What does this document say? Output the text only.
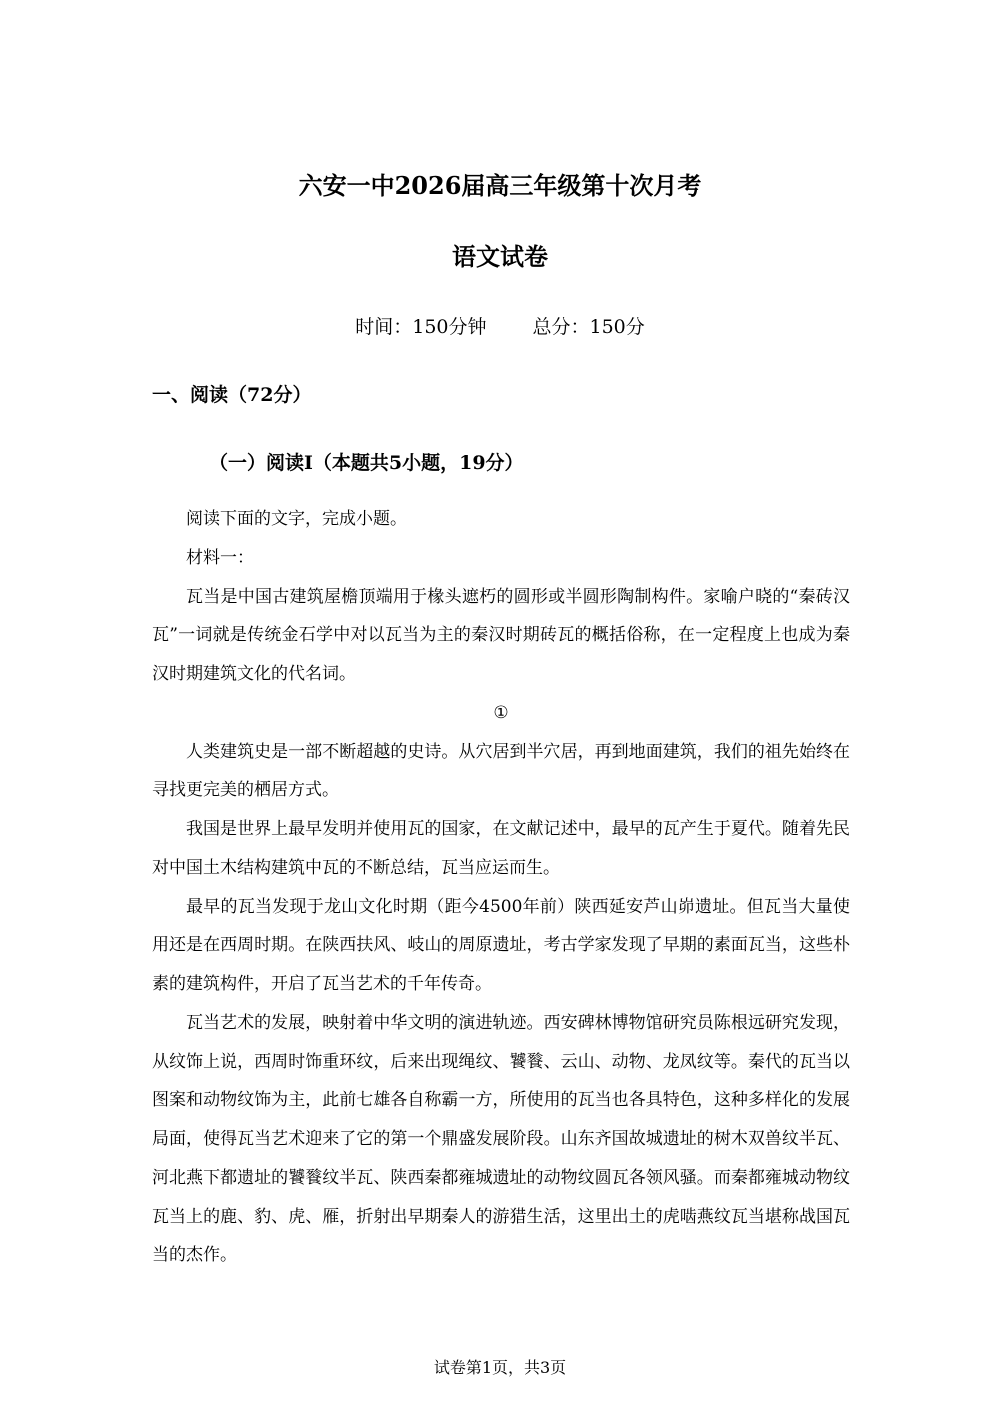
六安一中2026届高三年级第十次月考
语文试卷
时间：150分钟 总分：150分
一、阅读（72分）
（一）阅读Ⅰ（本题共5小题，19分）

阅读下面的文字，完成小题。

材料一：

瓦当是中国古建筑屋檐顶端用于椽头遮朽的圆形或半圆形陶制构件。家喻户晓的“秦砖汉瓦”一词就是传统金石学中对以瓦当为主的秦汉时期砖瓦的概括俗称，在一定程度上也成为秦汉时期建筑文化的代名词。

①

人类建筑史是一部不断超越的史诗。从穴居到半穴居，再到地面建筑，我们的祖先始终在寻找更完美的栖居方式。

我国是世界上最早发明并使用瓦的国家，在文献记述中，最早的瓦产生于夏代。随着先民对中国土木结构建筑中瓦的不断总结，瓦当应运而生。

最早的瓦当发现于龙山文化时期（距今4500年前）陕西延安芦山峁遗址。但瓦当大量使用还是在西周时期。在陕西扶风、岐山的周原遗址，考古学家发现了早期的素面瓦当，这些朴素的建筑构件，开启了瓦当艺术的千年传奇。

瓦当艺术的发展，映射着中华文明的演进轨迹。西安碑林博物馆研究员陈根远研究发现，从纹饰上说，西周时饰重环纹，后来出现绳纹、饕餮、云山、动物、龙凤纹等。秦代的瓦当以图案和动物纹饰为主，此前七雄各自称霸一方，所使用的瓦当也各具特色，这种多样化的发展局面，使得瓦当艺术迎来了它的第一个鼎盛发展阶段。山东齐国故城遗址的树木双兽纹半瓦、河北燕下都遗址的饕餮纹半瓦、陕西秦都雍城遗址的动物纹圆瓦各领风骚。而秦都雍城动物纹瓦当上的鹿、豹、虎、雁，折射出早期秦人的游猎生活，这里出土的虎啮燕纹瓦当堪称战国瓦当的杰作。

试卷第1页，共3页
